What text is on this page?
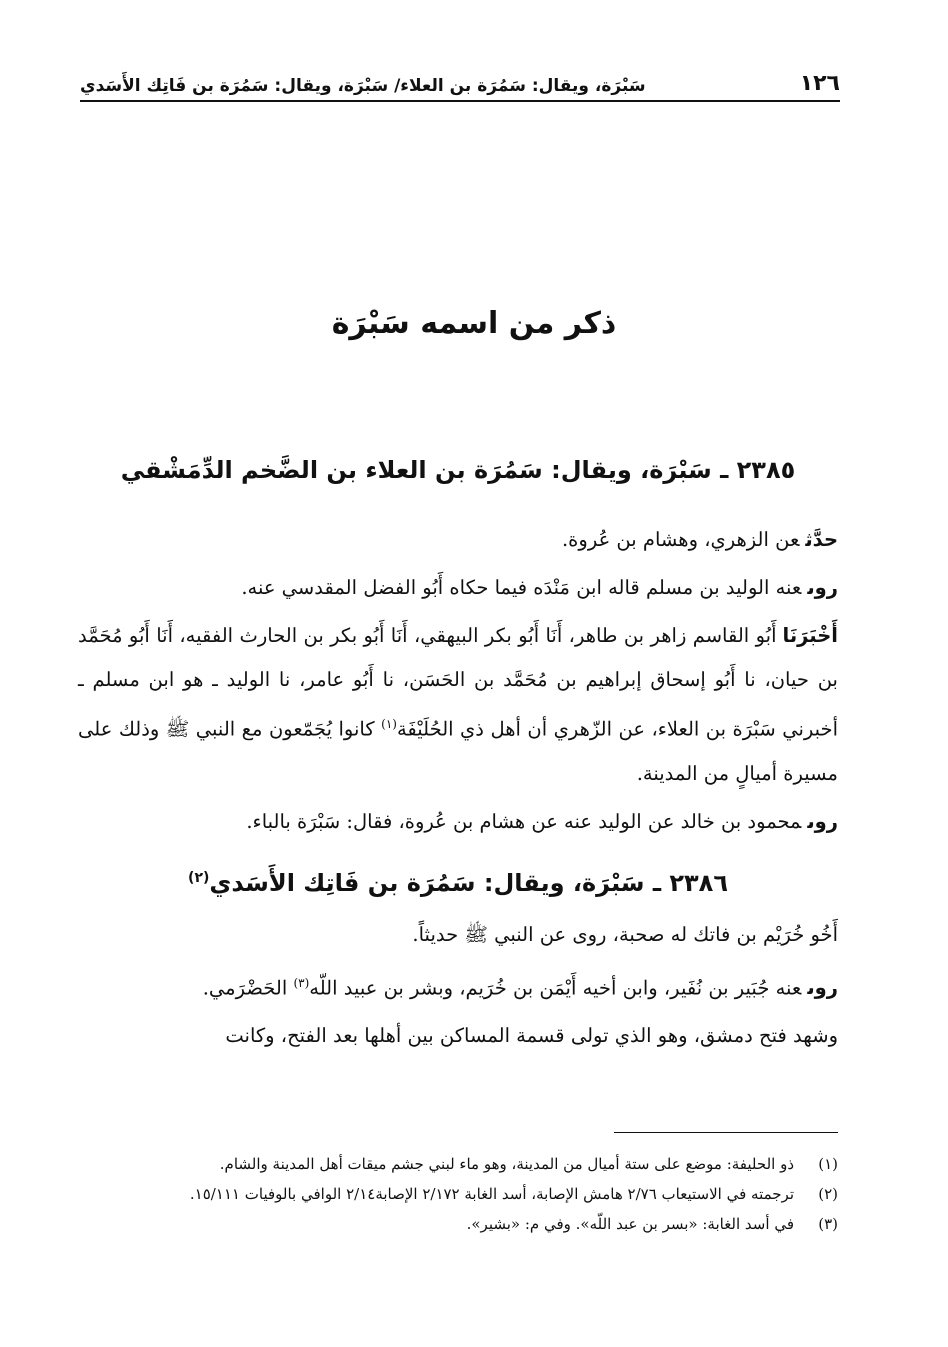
١٢٦
سَبْرَة، ويقال: سَمُرَة بن العلاء/ سَبْرَة، ويقال: سَمُرَة بن فَاتِك الأَسَدي
ذكر من اسمه سَبْرَة
٢٣٨٥ ـ سَبْرَة، ويقال: سَمُرَة بن العلاء بن الضَّخم الدِّمَشْقي

حدَّثعن الزهري، وهشام بن عُروة.

روىعنه الوليد بن مسلم قاله ابن مَنْدَه فيما حكاه أَبُو الفضل المقدسي عنه.

أَخْبَرَنَاأَبُو القاسم زاهر بن طاهر، أَنَا أَبُو بكر البيهقي، أَنَا أَبُو بكر بن الحارث الفقيه، أَنَا أَبُو مُحَمَّد بن حيان، نا أَبُو إسحاق إبراهيم بن مُحَمَّد بن الحَسَن، نا أَبُو عامر، نا الوليد ـ هو ابن مسلم ـ أخبرني سَبْرَة بن العلاء، عن الزّهري أن أهل ذي الحُلَيْفَة$^{(١)}$ كانوا يُجَمّعون مع النبي ﷺ وذلك على مسيرة أميالٍ من المدينة.

روىمحمود بن خالد عن الوليد عنه عن هشام بن عُروة، فقال: سَبْرَة بالباء.

٢٣٨٦ ـ سَبْرَة، ويقال: سَمُرَة بن فَاتِك الأَسَدي$^{(٢)}$

أَخُو خُرَيْم بن فاتك له صحبة، روى عن النبي ﷺ حديثاً.

روىعنه جُبَير بن نُفَير، وابن أخيه أَيْمَن بن خُرَيم، وبشر بن عبيد اللّه$^{(٣)}$ الحَضْرَمي.

وشهد فتح دمشق، وهو الذي تولى قسمة المساكن بين أهلها بعد الفتح، وكانت

(١)
ذو الحليفة: موضع على ستة أميال من المدينة، وهو ماء لبني جشم ميقات أهل المدينة والشام.
(٢)
ترجمته في الاستيعاب ٢/٧٦ هامش الإصابة، أسد الغابة ٢/١٧٢ الإصابة٢/١٤ الوافي بالوفيات ١٥/١١١.
(٣)
في أسد الغابة: «بسر بن عبد اللّه». وفي م: «بشير».
